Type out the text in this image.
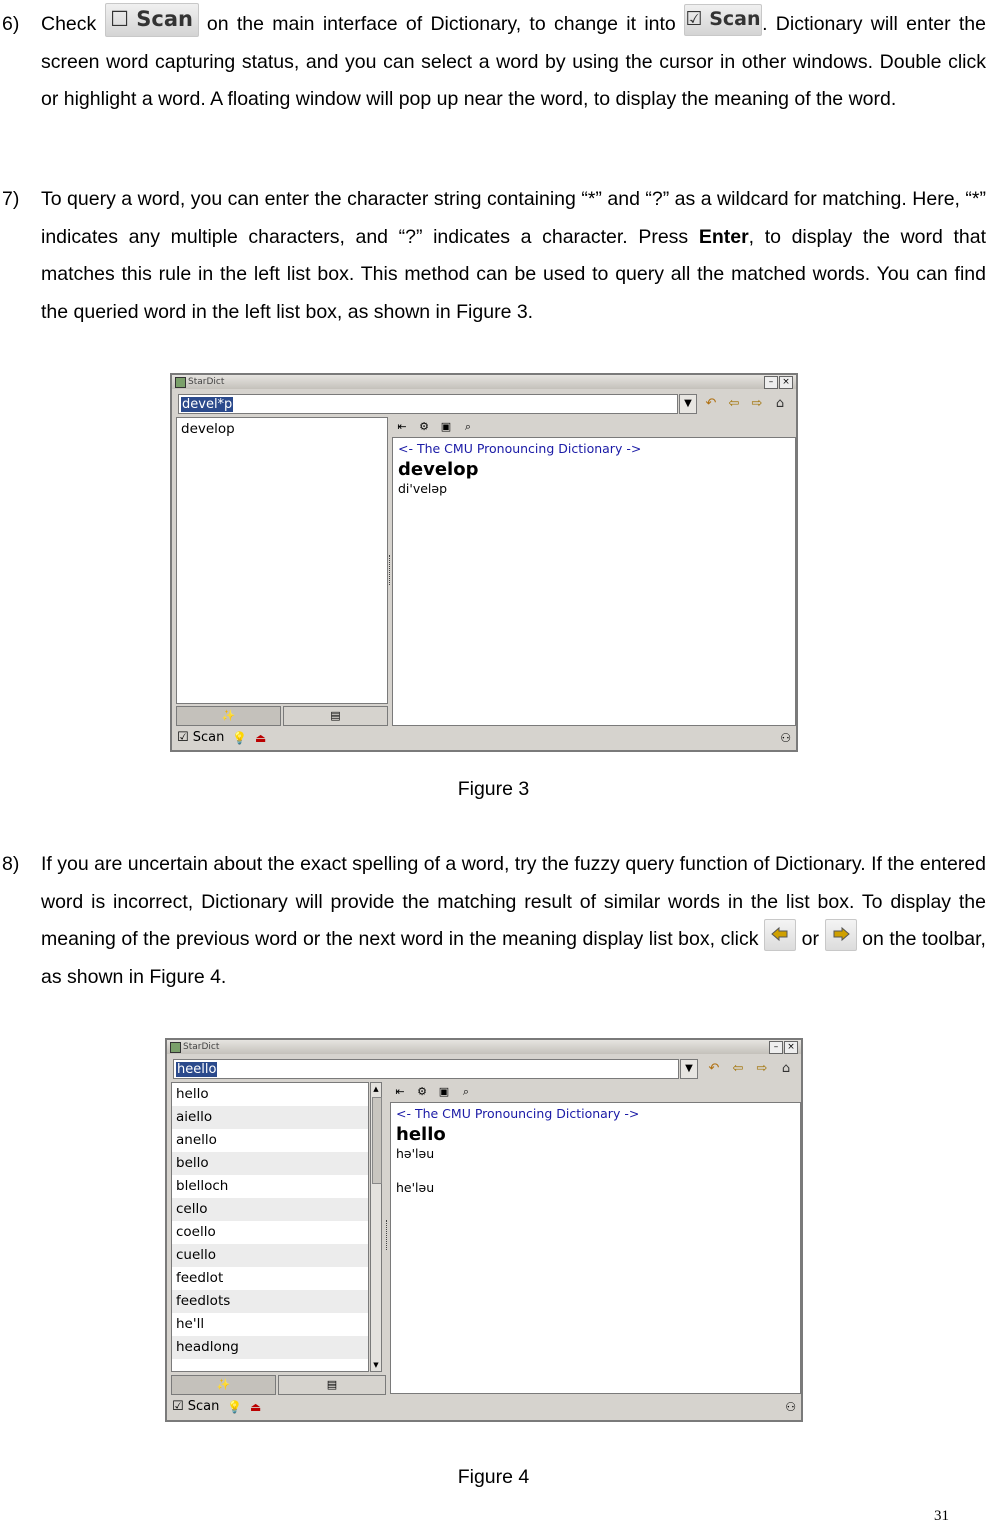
6) Check ☐ Scan on the main interface of Dictionary, to change it into ☑ Scan. Dictionary will enter the screen word capturing status, and you can select a word by using the cursor in other windows. Double click or highlight a word. A floating window will pop up near the word, to display the meaning of the word.
7) To query a word, you can enter the character string containing “*” and “?” as a wildcard for matching. Here, “*” indicates any multiple characters, and “?” indicates a character. Press Enter, to display the word that matches this rule in the left list box. This method can be used to query all the matched words. You can find the queried word in the left list box, as shown in Figure 3.
StarDict	– ×
devel*p	▼	↶ ⇦ ⇨	⌂
develop	⇤	⚙ ▣	⌕
<- The CMU Pronouncing Dictionary ->
develop
di'veləp
✨	▤
☑ Scan 💡 ⏏	⚇
Figure 3
8) If you are uncertain about the exact spelling of a word, try the fuzzy query function of Dictionary. If the entered word is incorrect, Dictionary will provide the matching result of similar words in the list box. To display the meaning of the previous word or the next word in the meaning display list box, click or on the toolbar, as shown in Figure 4.
StarDict	– ×
heello	▼	↶ ⇦ ⇨	⌂
hello
aiello
anello
bello
blelloch
cello
coello
cuello
feedlot
feedlots
he'll
headlong
▲
▼
⇤	⚙ ▣	⌕
<- The CMU Pronouncing Dictionary ->
hello
hə'ləu
he'ləu
✨	▤
☑ Scan 💡 ⏏	⚇
Figure 4
31
